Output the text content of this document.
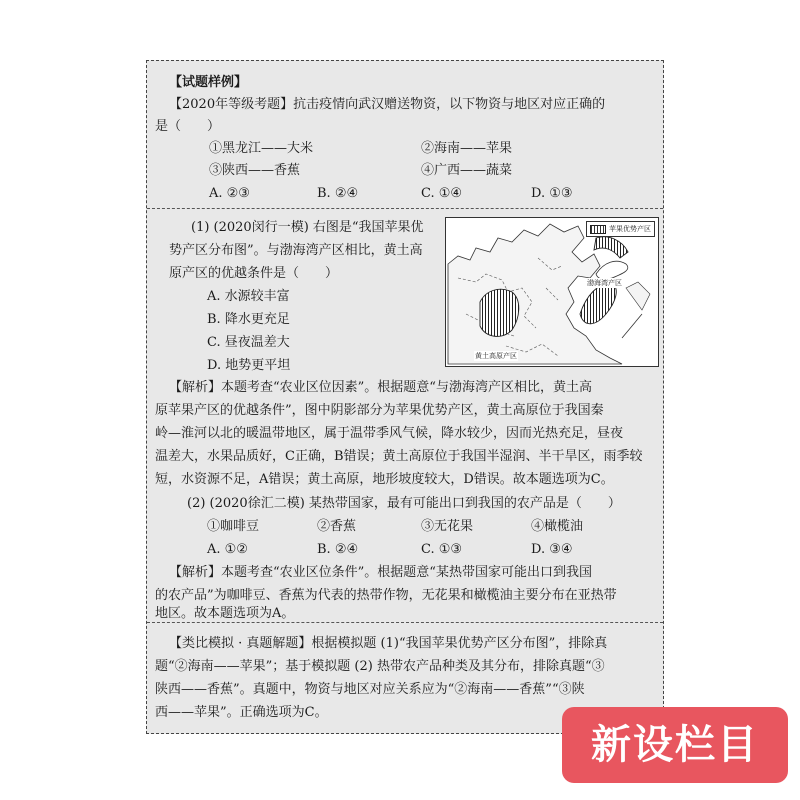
【试题样例】
【2020年等级考题】抗击疫情向武汉赠送物资，以下物资与地区对应正确的
是（　　）
①黑龙江——大米	②海南——苹果
③陕西——香蕉	④广西——蔬菜
A. ②③	B. ②④	C. ①④	D. ①③
(1) (2020闵行一模) 右图是“我国苹果优
势产区分布图”。与渤海湾产区相比，黄土高
原产区的优越条件是（　　）
A. 水源较丰富
B. 降水更充足
C. 昼夜温差大
D. 地势更平坦
苹果优势产区
渤海湾产区
黄土高原产区
【解析】本题考查“农业区位因素”。根据题意“与渤海湾产区相比，黄土高
原苹果产区的优越条件”，图中阴影部分为苹果优势产区，黄土高原位于我国秦
岭—淮河以北的暖温带地区，属于温带季风气候，降水较少，因而光热充足，昼夜
温差大，水果品质好，C正确，B错误；黄土高原位于我国半湿润、半干旱区，雨季较
短，水资源不足，A错误；黄土高原，地形坡度较大，D错误。故本题选项为C。
(2) (2020徐汇二模) 某热带国家，最有可能出口到我国的农产品是（　　）
①咖啡豆	②香蕉	③无花果	④橄榄油
A. ①②	B. ②④	C. ①③	D. ③④
【解析】本题考查“农业区位条件”。根据题意“某热带国家可能出口到我国
的农产品”为咖啡豆、香蕉为代表的热带作物，无花果和橄榄油主要分布在亚热带
地区。故本题选项为A。
【类比模拟 · 真题解题】根据模拟题 (1)“我国苹果优势产区分布图”，排除真
题“②海南——苹果”；基于模拟题 (2) 热带农产品种类及其分布，排除真题“③
陕西——香蕉”。真题中，物资与地区对应关系应为“②海南——香蕉”“③陕
西——苹果”。正确选项为C。
新设栏目
